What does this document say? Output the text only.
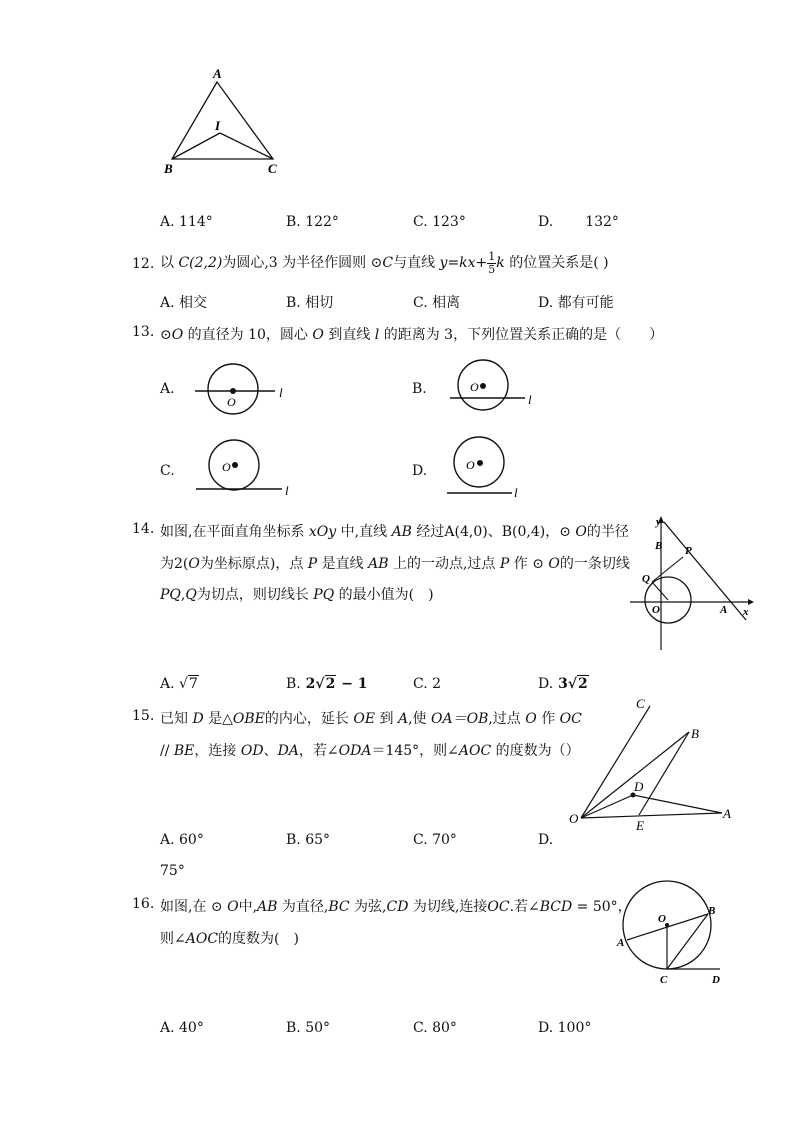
A
I
B	C
A. 114°	B. 122°	C. 123°	D. 132°
12. 以 C(2,2)为圆心,3 为半径作圆则 ⊙C与直线 $y=kx+ \frac{1}{5}$ k 的位置关系是( )
A. 相交	B. 相切	C. 相离	D. 都有可能
13. ⊙O 的直径为 10，圆心 O 到直线 l 的距离为 3，下列位置关系正确的是（　　）
A.
O
l	B.	O
l
C.	O
l
D.	O
l
14. 如图,在平面直角坐标系 xOy 中,直线 AB 经过A(4,0)、B(0,4)，⊙ O的半径
为2(O为坐标原点)，点 P 是直线 AB 上的一动点,过点 P 作 ⊙ O的一条切线
PQ,Q为切点，则切线长 PQ 的最小值为(　)
y
x
B P
Q
O	A
A. √7	B. 2√2 − 1	C. 2	D. 3√2
15. 已知 D 是△OBE的内心，延长 OE 到 A,使 OA＝OB,过点 O 作 OC
// BE，连接 OD、DA，若∠ODA＝145°，则∠AOC 的度数为（）
C
B
D
O	E
A
A. 60°	B. 65°	C. 70°	D.
75°
16. 如图,在 ⊙ O中,AB 为直径,BC 为弦,CD 为切线,连接OC.若∠BCD = 50°，
则∠AOC的度数为(　)
O
B
A
C	D
A. 40°	B. 50°	C. 80°	D. 100°
